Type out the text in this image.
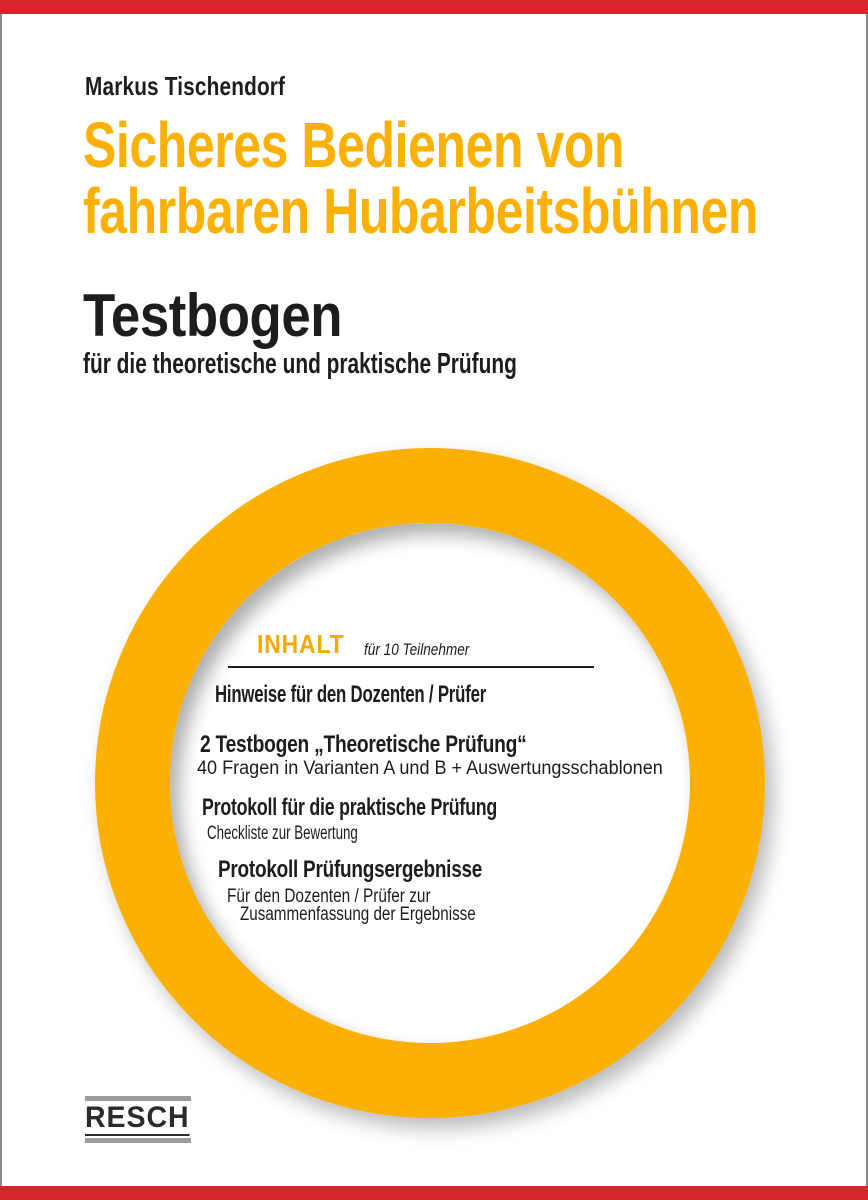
Markus Tischendorf
Sicheres Bedienen von
fahrbaren Hubarbeitsbühnen
Testbogen
für die theoretische und praktische Prüfung
INHALT für 10 Teilnehmer
Hinweise für den Dozenten / Prüfer
2 Testbogen „Theoretische Prüfung“
40 Fragen in Varianten A und B + Auswertungsschablonen
Protokoll für die praktische Prüfung
Checkliste zur Bewertung
Protokoll Prüfungsergebnisse
Für den Dozenten / Prüfer zur
Zusammenfassung der Ergebnisse
RESCH
